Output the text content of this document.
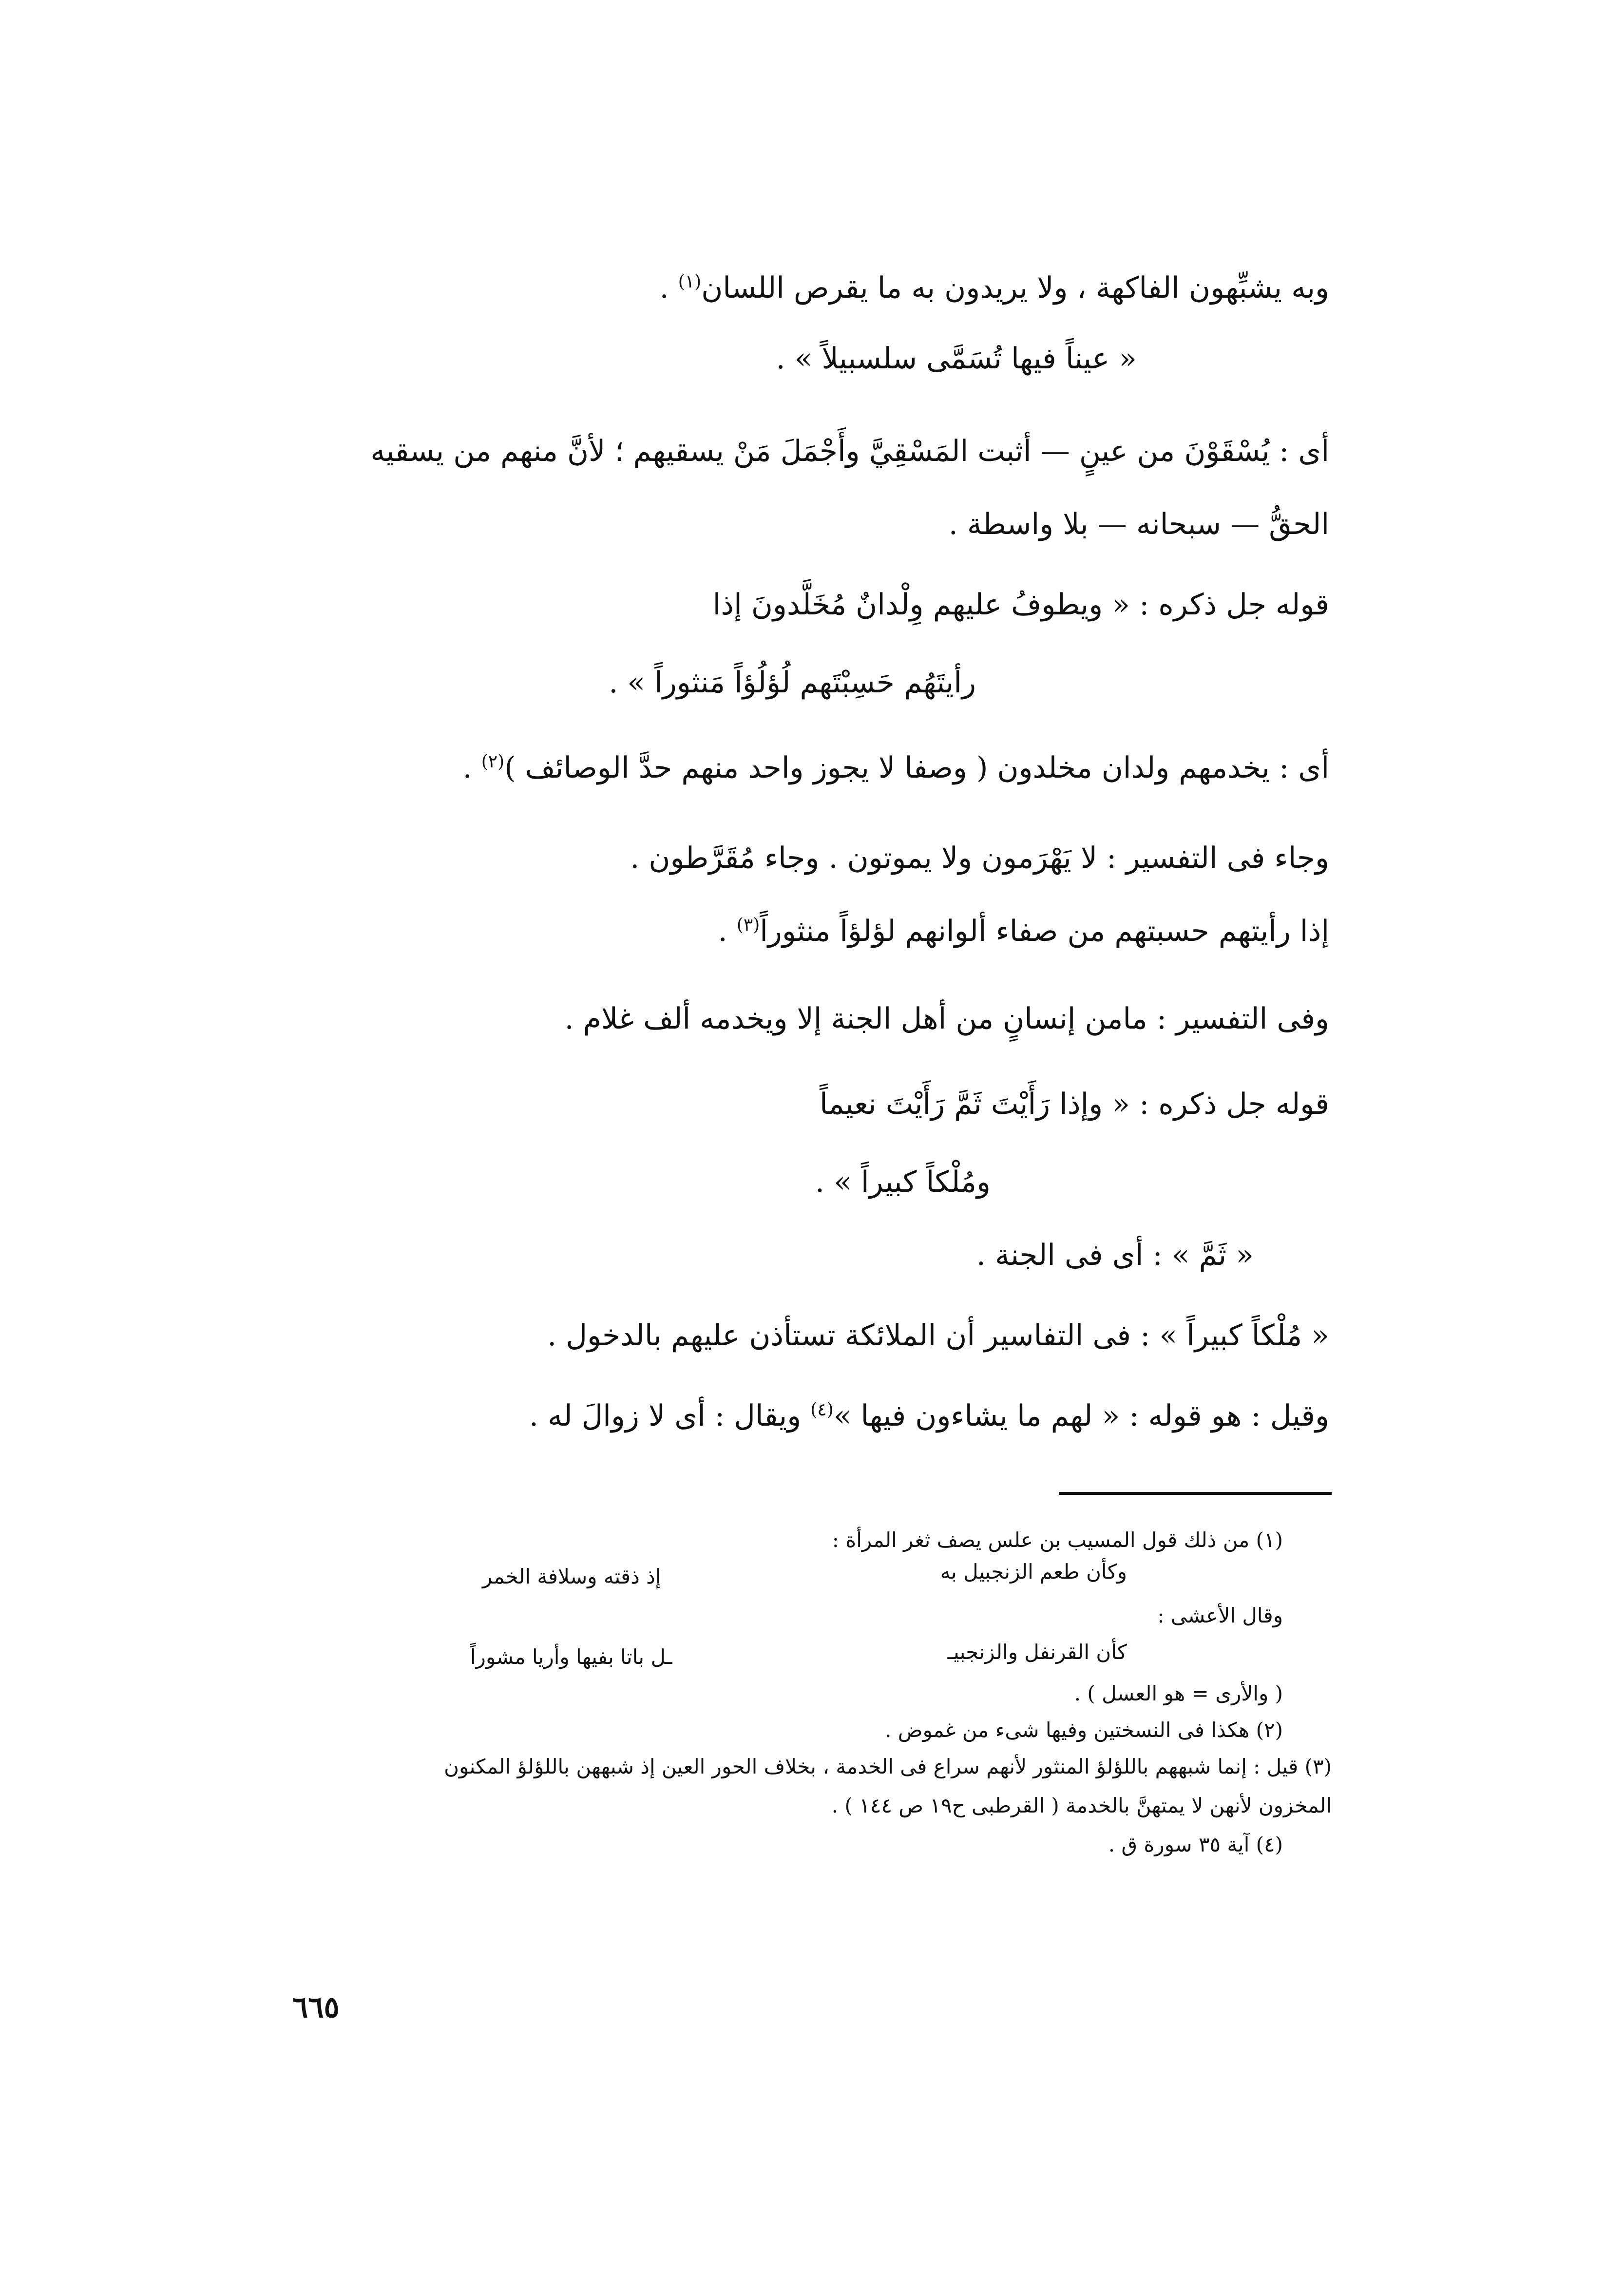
وبه يشبِّهون الفاكهة ، ولا يريدون به ما يقرص اللسان$^{(١)}$ .
« عيناً فيها تُسَمَّى سلسبيلاً » .
أى : يُسْقَوْنَ من عينٍ — أثبت المَسْقِيَّ وأَجْمَلَ مَنْ يسقيهم ؛ لأنَّ منهم من يسقيه
الحقُّ — سبحانه — بلا واسطة .
قوله جل ذكره : « ويطوفُ عليهم وِلْدانٌ مُخَلَّدونَ إذا
رأيتَهُم حَسِبْتَهم لُؤلُؤاً مَنثوراً » .
أى : يخدمهم ولدان مخلدون ( وصفا لا يجوز واحد منهم حدَّ الوصائف )$^{(٢)}$ .
وجاء فى التفسير : لا يَهْرَمون ولا يموتون . وجاء مُقَرَّطون .
إذا رأيتهم حسبتهم من صفاء ألوانهم لؤلؤاً منثوراً$^{(٣)}$ .
وفى التفسير : مامن إنسانٍ من أهل الجنة إلا ويخدمه ألف غلام .
قوله جل ذكره : « وإذا رَأَيْتَ ثَمَّ رَأَيْتَ نعيماً
ومُلْكاً كبيراً » .
« ثَمَّ » : أى فى الجنة .
« مُلْكاً كبيراً » : فى التفاسير أن الملائكة تستأذن عليهم بالدخول .
وقيل : هو قوله : « لهم ما يشاءون فيها »$^{(٤)}$ ويقال : أى لا زوالَ له .
(١) من ذلك قول المسيب بن علس يصف ثغر المرأة :
وكأن طعم الزنجبيل به
إذ ذقته وسلافة الخمر
وقال الأعشى :
كأن القرنفل والزنجبيـ
ـل باتا بفيها وأريا مشوراً
( والأرى = هو العسل ) .
(٢) هكذا فى النسختين وفيها شىء من غموض .
(٣) قيل : إنما شبههم باللؤلؤ المنثور لأنهم سراع فى الخدمة ، بخلاف الحور العين إذ شبههن باللؤلؤ المكنون
المخزون لأنهن لا يمتهنَّ بالخدمة ( القرطبى ح١٩ ص ١٤٤ ) .
(٤) آية ٣٥ سورة ق .
٦٦٥
